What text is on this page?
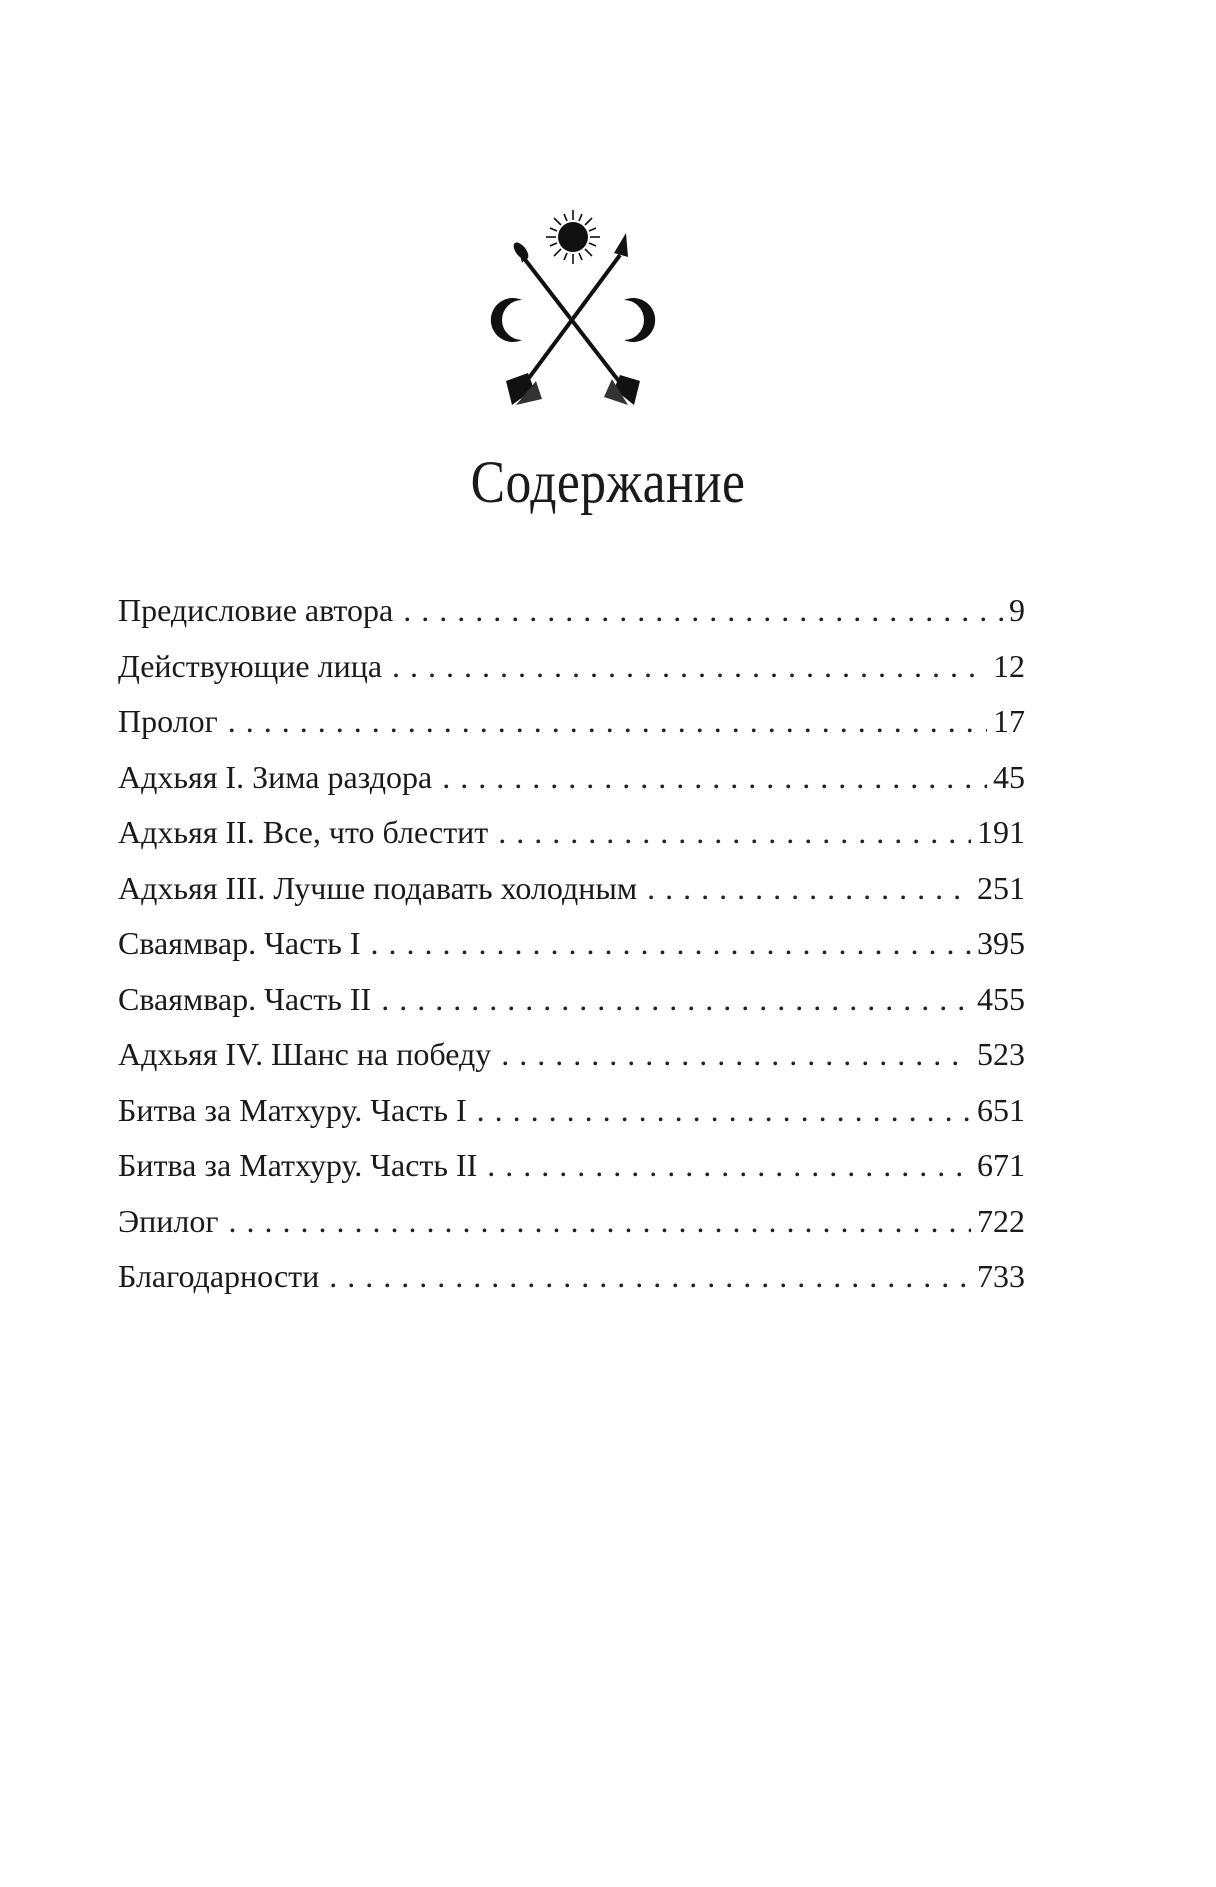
Содержание
Предисловие автора . . .	9
Действующие лица . . .	12
Пролог . . .	17
Адхьяя I. Зима раздора . . .	45
Адхьяя II. Все, что блестит . . .	191
Адхьяя III. Лучше подавать холодным . . .	251
Сваямвар. Часть I . . .	395
Сваямвар. Часть II . . .	455
Адхьяя IV. Шанс на победу . . .	523
Битва за Матхуру. Часть I . . .	651
Битва за Матхуру. Часть II . . .	671
Эпилог . . .	722
Благодарности . . .	733
